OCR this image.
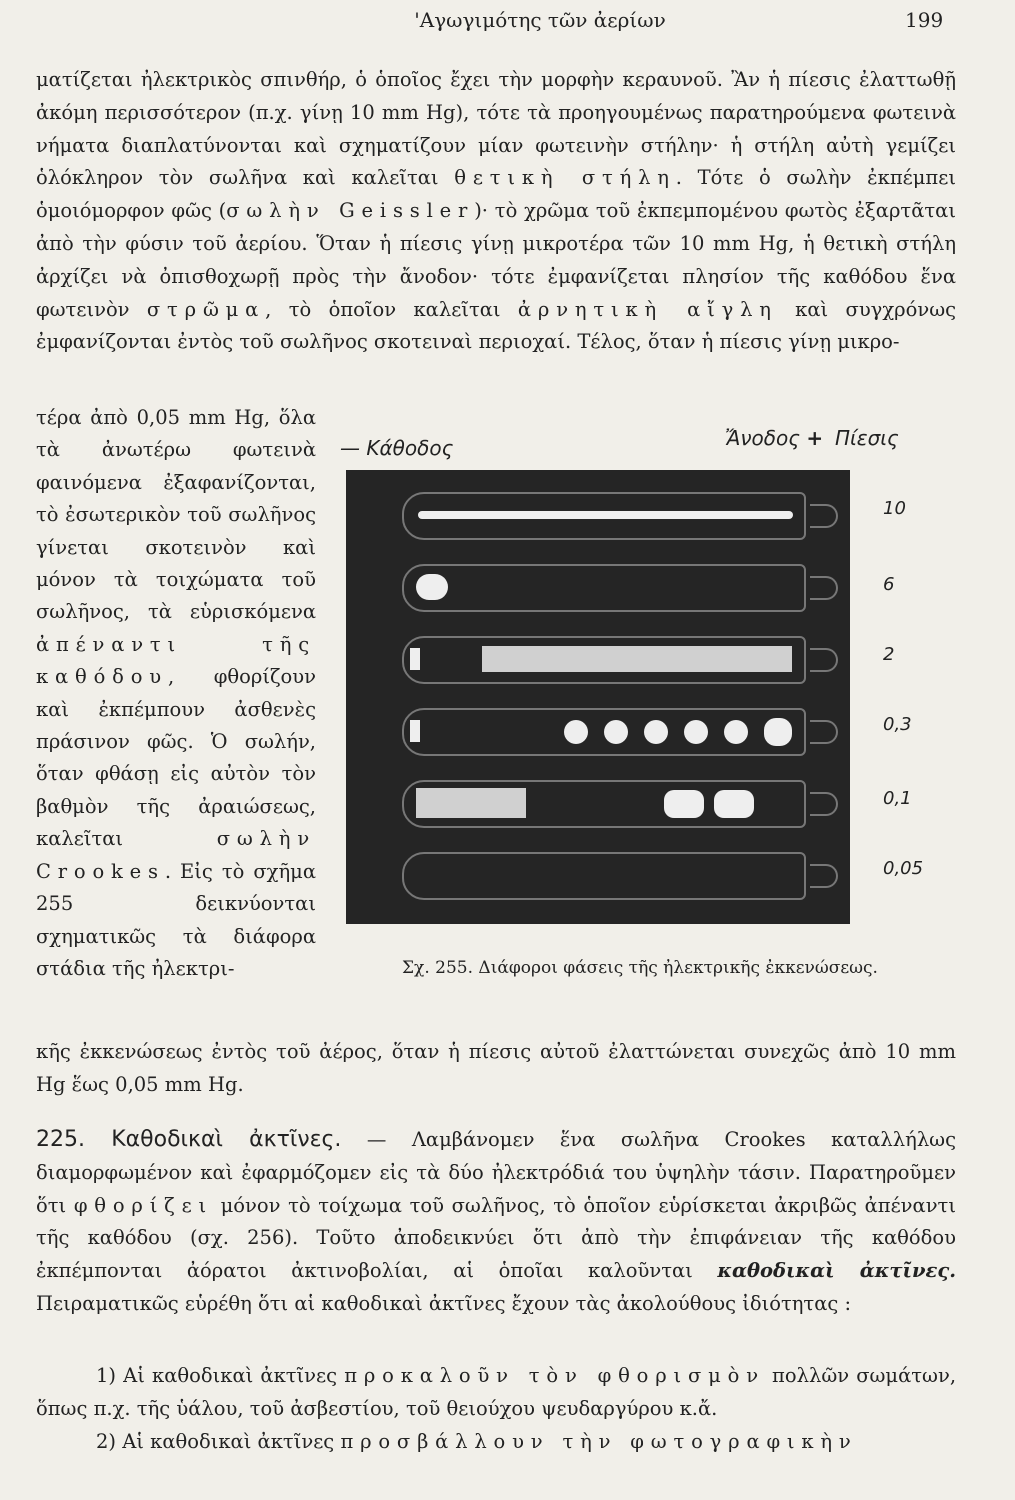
'Αγωγιμότης τῶν ἀερίων	199

ματίζεται ἠλεκτρικὸς σπινθήρ, ὁ ὁποῖος ἔχει τὴν μορφὴν κεραυνοῦ. Ἂν ἡ πίεσις ἐλαττωθῇ ἀκόμη περισσότερον (π.χ. γίνῃ 10 mm Hg), τότε τὰ προηγουμένως παρατηρούμενα φωτεινὰ νήματα διαπλατύνονται καὶ σχηματίζουν μίαν φωτεινὴν στήλην· ἡ στήλη αὐτὴ γεμίζει ὁλόκληρον τὸν σωλῆνα καὶ καλεῖται θετικὴ στήλη. Τότε ὁ σωλὴν ἐκπέμπει ὁμοιόμορφον φῶς (σωλὴν Geissler)· τὸ χρῶμα τοῦ ἐκπεμπομένου φωτὸς ἐξαρτᾶται ἀπὸ τὴν φύσιν τοῦ ἀερίου. Ὅταν ἡ πίεσις γίνῃ μικροτέρα τῶν 10 mm Hg, ἡ θετικὴ στήλη ἀρχίζει νὰ ὀπισθοχωρῇ πρὸς τὴν ἄνοδον· τότε ἐμφανίζεται πλησίον τῆς καθόδου ἕνα φωτεινὸν στρῶμα, τὸ ὁποῖον καλεῖται ἀρνητικὴ αἴγλη καὶ συγχρόνως ἐμφανίζονται ἐντὸς τοῦ σωλῆνος σκοτειναὶ περιοχαί. Τέλος, ὅταν ἡ πίεσις γίνῃ μικρο-

τέρα ἀπὸ 0,05 mm Hg, ὅλα τὰ ἀνωτέρω φωτεινὰ φαινόμενα ἐξαφανίζονται, τὸ ἐσωτερικὸν τοῦ σωλῆνος γίνεται σκοτεινὸν καὶ μόνον τὰ τοιχώματα τοῦ σωλῆνος, τὰ εὑρισκόμενα ἀπέναντι τῆς καθόδου, φθορίζουν καὶ ἐκπέμπουν ἀσθενὲς πράσινον φῶς. Ὁ σωλήν, ὅταν φθάσῃ εἰς αὐτὸν τὸν βαθμὸν τῆς ἀραιώσεως, καλεῖται	σωλὴν Crookes. Εἰς τὸ σχῆμα 255 δεικνύονται σχηματικῶς τὰ διάφορα στάδια τῆς ἠλεκτρι-

— Κάθοδος	Ἄνοδος + Πίεσις
10
6
2
0,3
0,1
0,05
Σχ. 255. Διάφοροι φάσεις τῆς ἠλεκτρικῆς ἐκκενώσεως.

κῆς ἐκκενώσεως ἐντὸς τοῦ ἀέρος, ὅταν ἡ πίεσις αὐτοῦ ἐλαττώνεται συνεχῶς ἀπὸ 10 mm Hg ἕως 0,05 mm Hg.

225. Καθοδικαὶ ἀκτῖνες. — Λαμβάνομεν ἕνα σωλῆνα Crookes καταλλήλως διαμορφωμένον καὶ ἐφαρμόζομεν εἰς τὰ δύο ἠλεκτρόδιά του ὑψηλὴν τάσιν. Παρατηροῦμεν ὅτι φθορίζει μόνον τὸ τοίχωμα τοῦ σωλῆνος, τὸ ὁποῖον εὑρίσκεται ἀκριβῶς ἀπέναντι τῆς καθόδου (σχ. 256). Τοῦτο ἀποδεικνύει ὅτι ἀπὸ τὴν ἐπιφάνειαν τῆς καθόδου ἐκπέμπονται ἀόρατοι ἀκτινοβολίαι, αἱ ὁποῖαι καλοῦνται καθοδικαὶ ἀκτῖνες. Πειραματικῶς εὑρέθη ὅτι αἱ καθοδικαὶ ἀκτῖνες ἔχουν τὰς ἀκολούθους ἰδιότητας :

1) Αἱ καθοδικαὶ ἀκτῖνες προκαλοῦν τὸν φθορισμὸν πολλῶν σωμάτων, ὅπως π.χ. τῆς ὑάλου, τοῦ ἀσβεστίου, τοῦ θειούχου ψευδαργύρου κ.ἄ.

2) Αἱ καθοδικαὶ ἀκτῖνες προσβάλλουν τὴν φωτογραφικὴν
